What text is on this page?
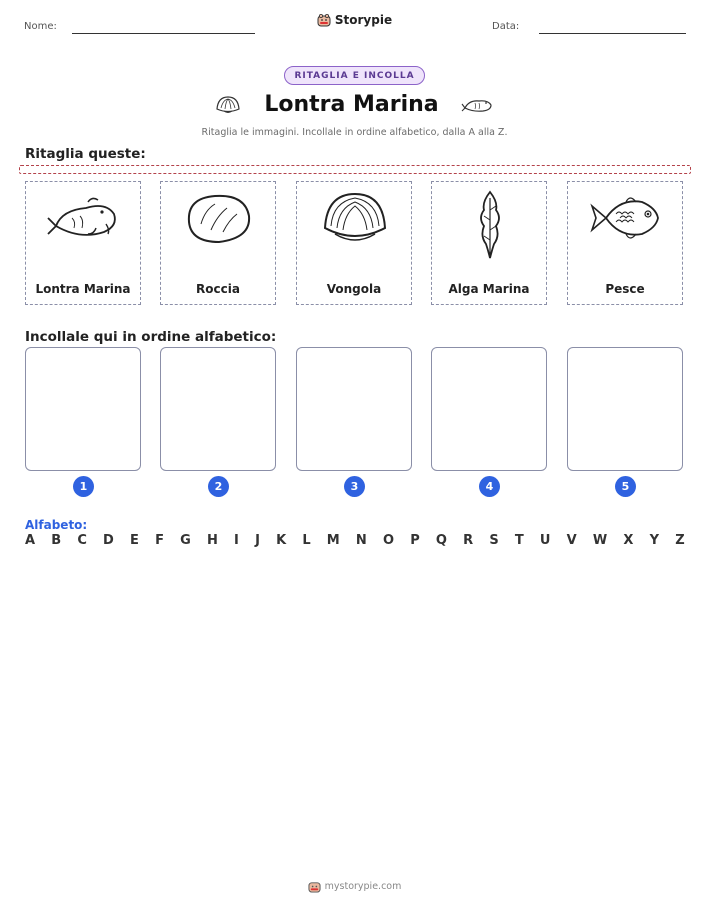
Nome:	Storypie	Data:
RITAGLIA E INCOLLA
Lontra Marina
Ritaglia le immagini. Incollale in ordine alfabetico, dalla A alla Z.
Ritaglia queste:
Lontra Marina	Roccia	Vongola	Alga Marina	Pesce
Incollale qui in ordine alfabetico:
1	2	3	4	5
Alfabeto:
A B C D E F G H I J K L M N O P Q R S T U V W X Y Z
mystorypie.com
